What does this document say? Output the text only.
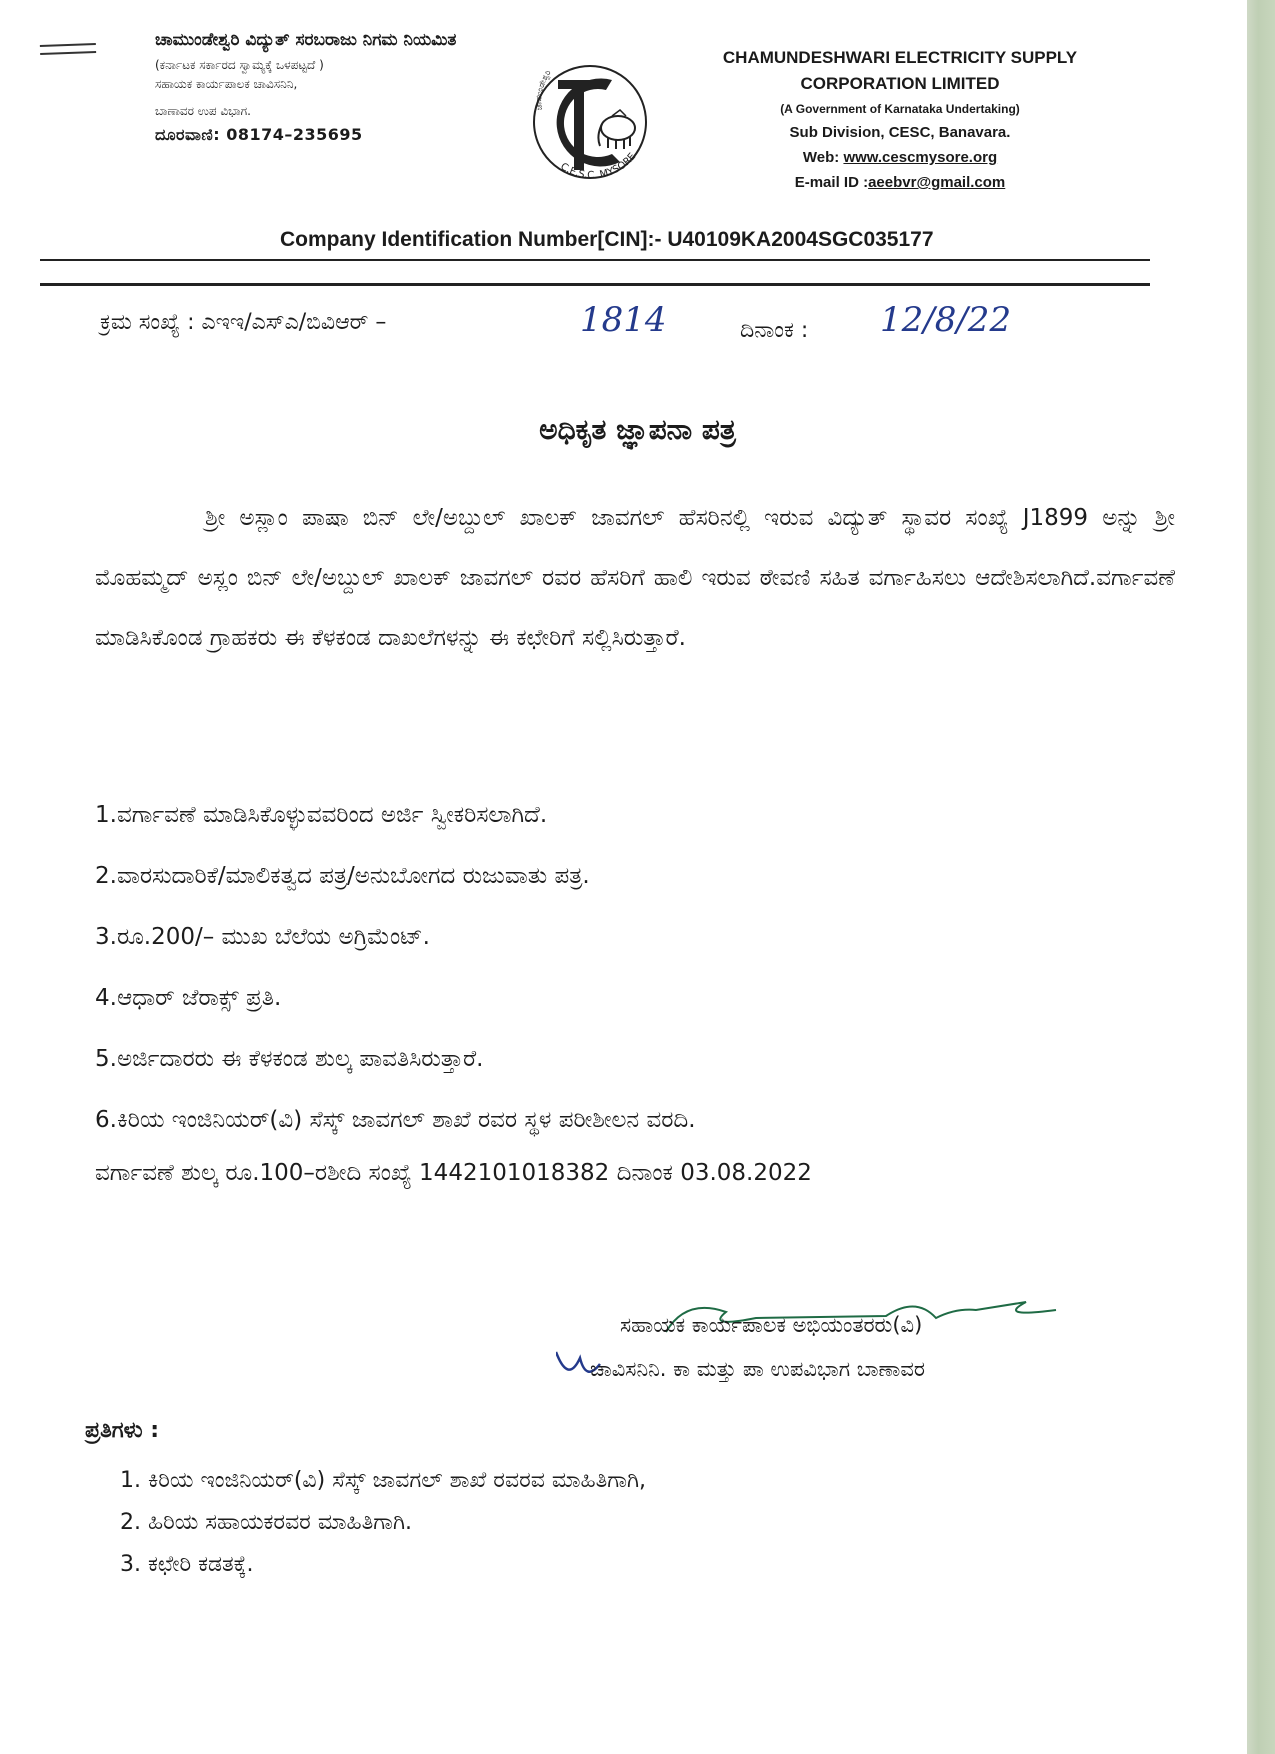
ಚಾಮುಂಡೇಶ್ವರಿ ವಿದ್ಯುತ್ ಸರಬರಾಜು ನಿಗಮ ನಿಯಮಿತ
(ಕರ್ನಾಟಕ ಸರ್ಕಾರದ ಸ್ವಾಮ್ಯಕ್ಕೆ ಒಳಪಟ್ಟದೆ )
ಸಹಾಯಕ ಕಾರ್ಯಪಾಲಕ ಚಾವಿಸನಿನಿ,
ಬಾಣಾವರ ಉಪ ವಿಭಾಗ.
ದೂರವಾಣಿ: 08174–235695
ಚಾಮುಂಡೇಶ್ವರಿ
C.E.S.C. MYSORE
CHAMUNDESHWARI ELECTRICITY SUPPLY
CORPORATION LIMITED
(A Government of Karnataka Undertaking)
Sub Division, CESC, Banavara.
Web: www.cescmysore.org
E-mail ID :aeebvr@gmail.com
Company Identification Number[CIN]:- U40109KA2004SGC035177
ಕ್ರಮ ಸಂಖ್ಯೆ : ಎಇಇ/ಎಸ್ಎ/ಬಿವಿಆರ್ –	1814	ದಿನಾಂಕ : 12/8/22
ಅಧಿಕೃತ ಜ್ಞಾಪನಾ ಪತ್ರ
ಶ್ರೀ ಅಸ್ಲಾಂ ಪಾಷಾ ಬಿನ್ ಲೇ/ಅಬ್ದುಲ್ ಖಾಲಕ್ ಜಾವಗಲ್ ಹೆಸರಿನಲ್ಲಿ ಇರುವ ವಿದ್ಯುತ್ ಸ್ಥಾವರ ಸಂಖ್ಯೆ J1899 ಅನ್ನು ಶ್ರೀ ಮೊಹಮ್ಮದ್ ಅಸ್ಲಂ ಬಿನ್ ಲೇ/ಅಬ್ದುಲ್ ಖಾಲಕ್ ಜಾವಗಲ್ ರವರ ಹೆಸರಿಗೆ ಹಾಲಿ ಇರುವ ಠೇವಣಿ ಸಹಿತ ವರ್ಗಾಹಿಸಲು ಆದೇಶಿಸಲಾಗಿದೆ.ವರ್ಗಾವಣೆ ಮಾಡಿಸಿಕೊಂಡ ಗ್ರಾಹಕರು ಈ ಕೆಳಕಂಡ ದಾಖಲೆಗಳನ್ನು ಈ ಕಛೇರಿಗೆ ಸಲ್ಲಿಸಿರುತ್ತಾರೆ.
1.ವರ್ಗಾವಣೆ ಮಾಡಿಸಿಕೊಳ್ಳುವವರಿಂದ ಅರ್ಜಿ ಸ್ವೀಕರಿಸಲಾಗಿದೆ.
2.ವಾರಸುದಾರಿಕೆ/ಮಾಲಿಕತ್ವದ ಪತ್ರ/ಅನುಬೋಗದ ರುಜುವಾತು ಪತ್ರ.
3.ರೂ.200/– ಮುಖ ಬೆಲೆಯ ಅಗ್ರಿಮೆಂಟ್.
4.ಆಧಾರ್ ಜೆರಾಕ್ಸ್ ಪ್ರತಿ.
5.ಅರ್ಜಿದಾರರು ಈ ಕೆಳಕಂಡ ಶುಲ್ಕ ಪಾವತಿಸಿರುತ್ತಾರೆ.
6.ಕಿರಿಯ ಇಂಜಿನಿಯರ್(ವಿ) ಸೆಸ್ಕ್ ಜಾವಗಲ್ ಶಾಖೆ ರವರ ಸ್ಥಳ ಪರೀಶೀಲನ ವರದಿ.
ವರ್ಗಾವಣೆ ಶುಲ್ಕ ರೂ.100–ರಶೀದಿ ಸಂಖ್ಯೆ 1442101018382 ದಿನಾಂಕ 03.08.2022
ಸಹಾಯಕ ಕಾರ್ಯಪಾಲಕ ಅಭಿಯಂತರರು(ವಿ)
ಚಾವಿಸನಿನಿ. ಕಾ ಮತ್ತು ಪಾ ಉಪವಿಭಾಗ ಬಾಣಾವರ
ಪ್ರತಿಗಳು :
1. ಕಿರಿಯ ಇಂಜಿನಿಯರ್(ವಿ) ಸೆಸ್ಕ್ ಜಾವಗಲ್ ಶಾಖೆ ರವರವ ಮಾಹಿತಿಗಾಗಿ,
2. ಹಿರಿಯ ಸಹಾಯಕರವರ ಮಾಹಿತಿಗಾಗಿ.
3. ಕಛೇರಿ ಕಡತಕ್ಕೆ.
